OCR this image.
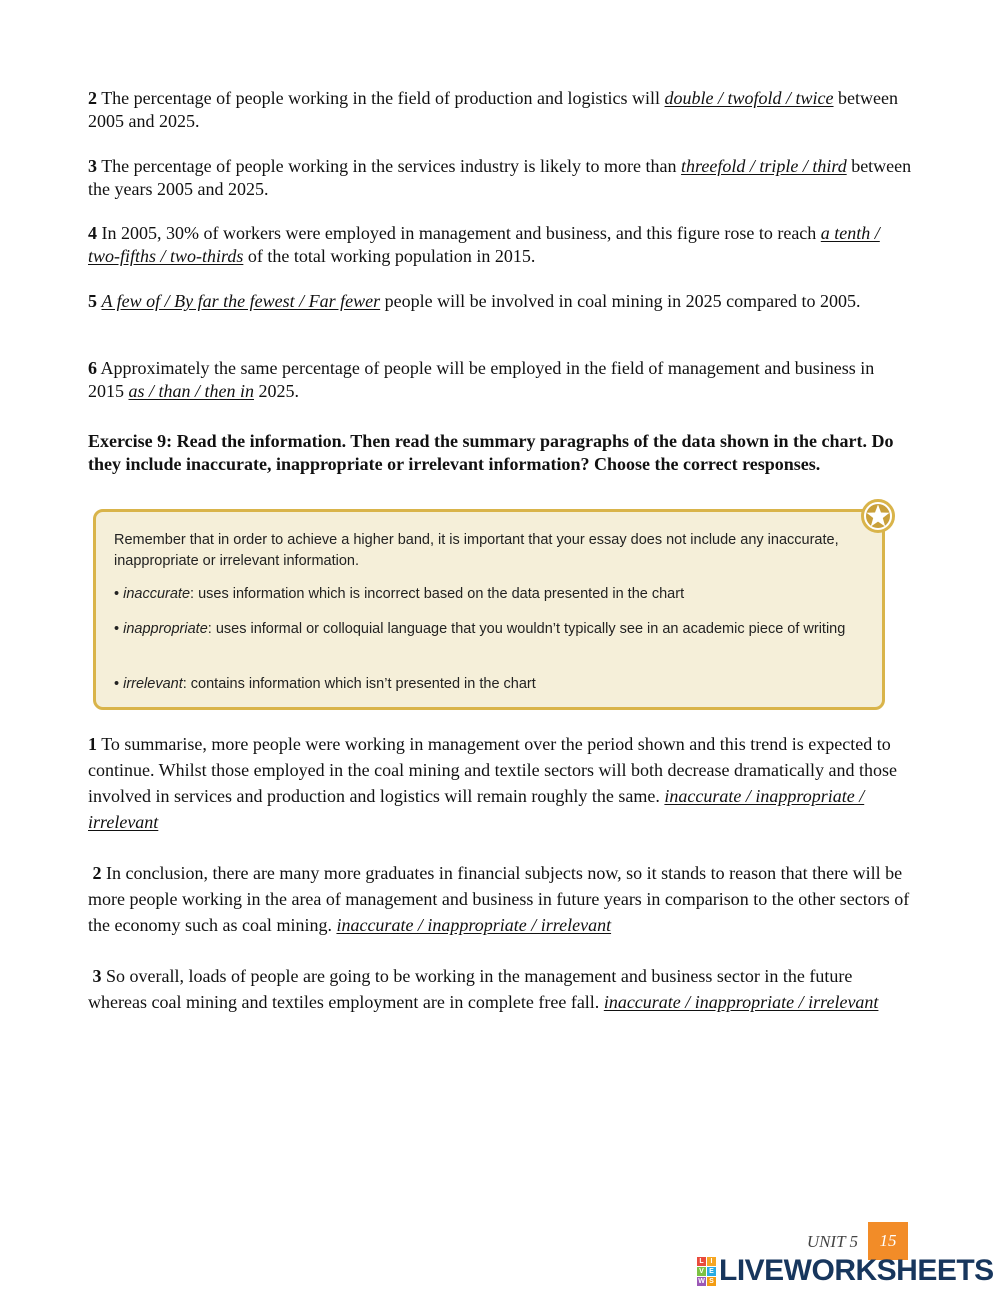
2 The percentage of people working in the field of production and logistics will double / twofold / twice between 2005 and 2025.

3 The percentage of people working in the services industry is likely to more than threefold / triple / third between the years 2005 and 2025.

4 In 2005, 30% of workers were employed in management and business, and this figure rose to reach a tenth / two-fifths / two-thirds of the total working population in 2015.

5 A few of / By far the fewest / Far fewer people will be involved in coal mining in 2025 compared to 2005.

6 Approximately the same percentage of people will be employed in the field of management and business in 2015 as / than / then in 2025.

Exercise 9: Read the information. Then read the summary paragraphs of the data shown in the chart. Do they include inaccurate, inappropriate or irrelevant information? Choose the correct responses.

Remember that in order to achieve a higher band, it is important that your essay does not include any inaccurate, inappropriate or irrelevant information.

• inaccurate: uses information which is incorrect based on the data presented in the chart

• inappropriate: uses informal or colloquial language that you wouldn’t typically see in an academic piece of writing

• irrelevant: contains information which isn’t presented in the chart

1 To summarise, more people were working in management over the period shown and this trend is expected to continue. Whilst those employed in the coal mining and textile sectors will both decrease dramatically and those involved in services and production and logistics will remain roughly the same. inaccurate / inappropriate / irrelevant

2 In conclusion, there are many more graduates in financial subjects now, so it stands to reason that there will be more people working in the area of management and business in future years in comparison to the other sectors of the economy such as coal mining. inaccurate / inappropriate / irrelevant

3 So overall, loads of people are going to be working in the management and business sector in the future whereas coal mining and textiles employment are in complete free fall. inaccurate / inappropriate / irrelevant

UNIT 5	15
L I
V E
W S LIVEWORKSHEETS
